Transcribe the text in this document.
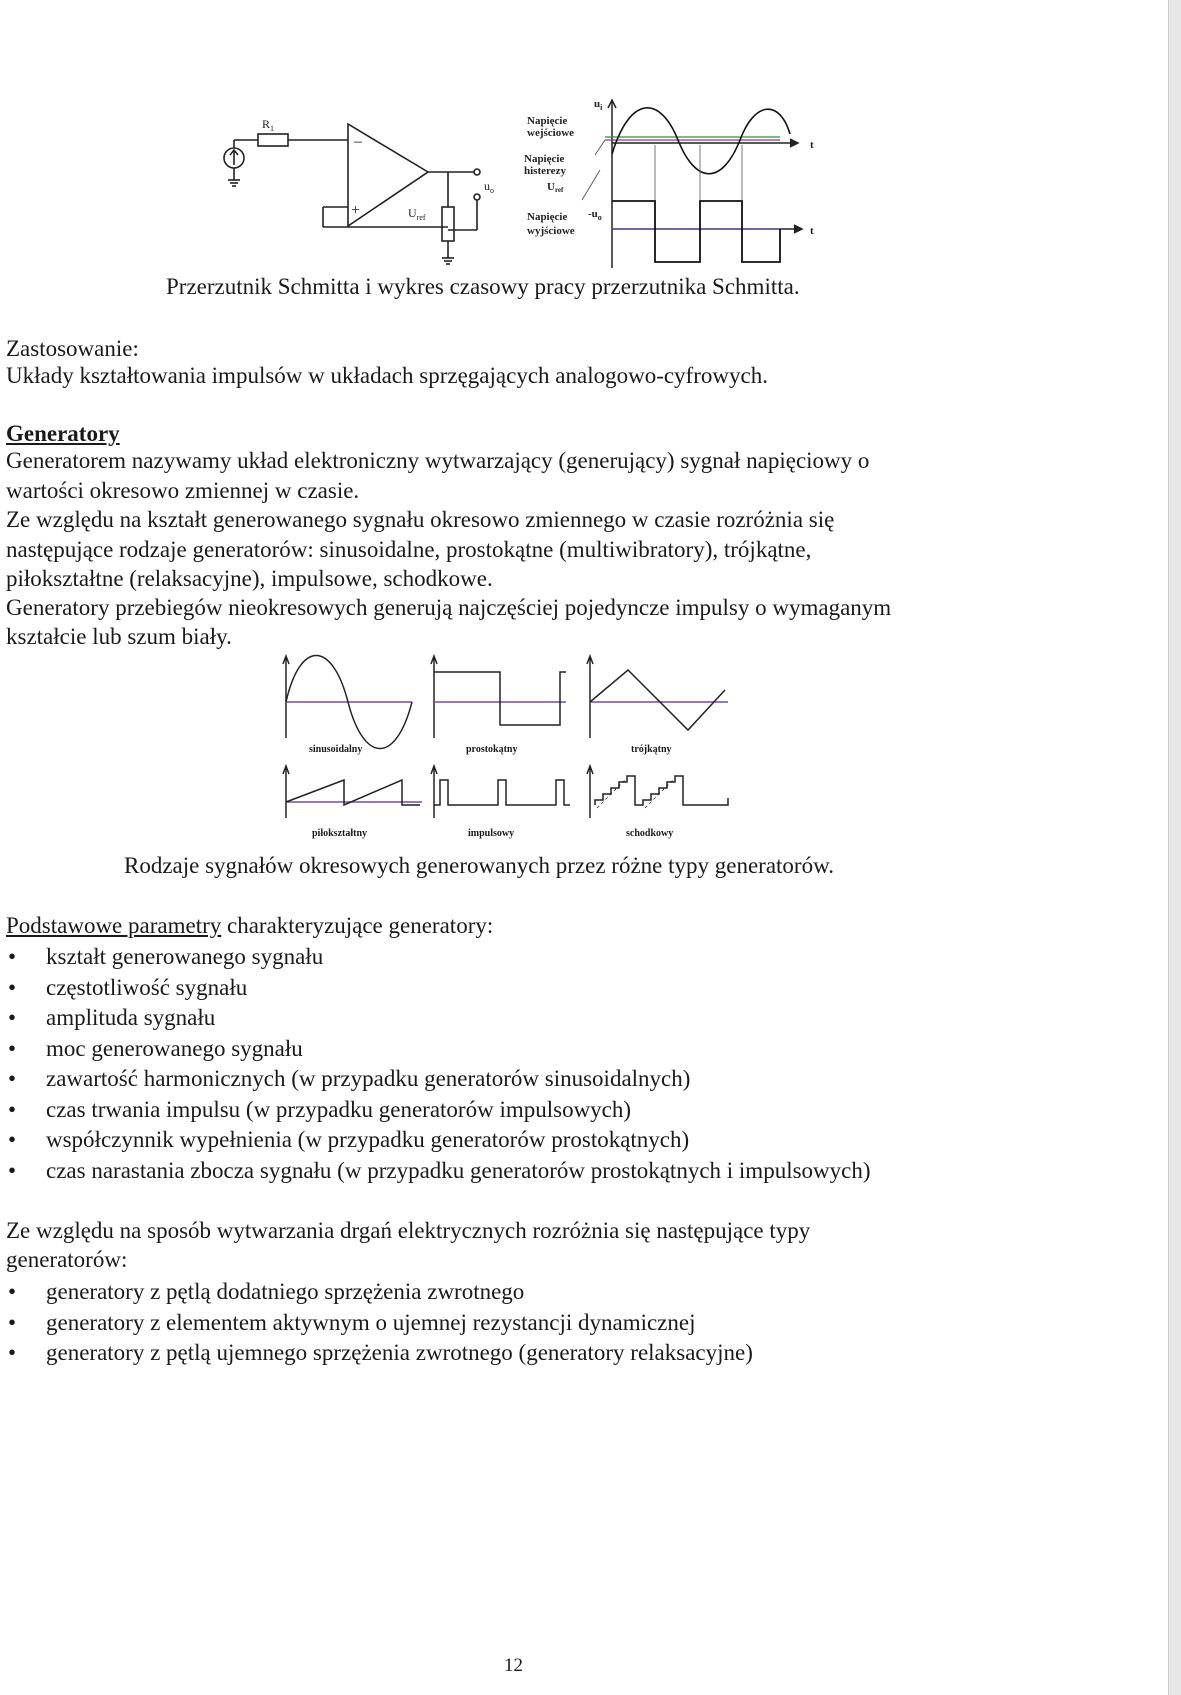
–
+
$R_1$
$U_{ref}$
$u_o$
$u_i$
t
t
$-u_o$
Napięcie
wejściowe
Napięcie
histerezy
Uref
Napięcie
wyjściowe
Przerzutnik Schmitta i wykres czasowy pracy przerzutnika Schmitta.
Zastosowanie:
Układy kształtowania impulsów w układach sprzęgających analogowo-cyfrowych.
Generatory
Generatorem nazywamy układ elektroniczny wytwarzający (generujący) sygnał napięciowy o
wartości okresowo zmiennej w czasie.
Ze względu na kształt generowanego sygnału okresowo zmiennego w czasie rozróżnia się
następujące rodzaje generatorów: sinusoidalne, prostokątne (multiwibratory), trójkątne,
piłokształtne (relaksacyjne), impulsowe, schodkowe.
Generatory przebiegów nieokresowych generują najczęściej pojedyncze impulsy o wymaganym
kształcie lub szum biały.
sinusoidalny	prostokątny	trójkątny
piłokształtny	impulsowy	schodkowy
Rodzaje sygnałów okresowych generowanych przez różne typy generatorów.
Podstawowe parametry charakteryzujące generatory:
• kształt generowanego sygnału
• częstotliwość sygnału
• amplituda sygnału
• moc generowanego sygnału
• zawartość harmonicznych (w przypadku generatorów sinusoidalnych)
• czas trwania impulsu (w przypadku generatorów impulsowych)
• współczynnik wypełnienia (w przypadku generatorów prostokątnych)
• czas narastania zbocza sygnału (w przypadku generatorów prostokątnych i impulsowych)
Ze względu na sposób wytwarzania drgań elektrycznych rozróżnia się następujące typy
generatorów:
• generatory z pętlą dodatniego sprzężenia zwrotnego
• generatory z elementem aktywnym o ujemnej rezystancji dynamicznej
• generatory z pętlą ujemnego sprzężenia zwrotnego (generatory relaksacyjne)
12
